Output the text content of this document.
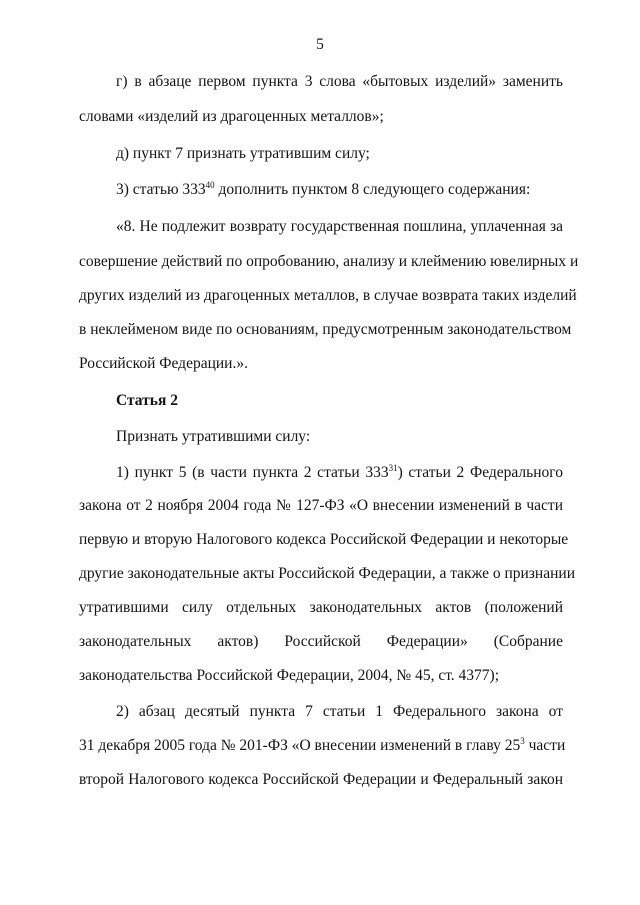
5
г) в абзаце первом пункта 3 слова «бытовых изделий» заменить
словами «изделий из драгоценных металлов»;
д) пункт 7 признать утратившим силу;
3) статью $333^{40}$ дополнить пунктом 8 следующего содержания:
«8. Не подлежит возврату государственная пошлина, уплаченная за
совершение действий по опробованию, анализу и клеймению ювелирных и
других изделий из драгоценных металлов, в случае возврата таких изделий
в неклейменом виде по основаниям, предусмотренным законодательством
Российской Федерации.».
Статья 2
Признать утратившими силу:
1) пункт 5 (в части пункта 2 статьи $333^{31}$) статьи 2 Федерального
закона от 2 ноября 2004 года № 127-ФЗ «О внесении изменений в части
первую и вторую Налогового кодекса Российской Федерации и некоторые
другие законодательные акты Российской Федерации, а также о признании
утратившими силу отдельных законодательных актов (положений
законодательных актов) Российской Федерации» (Собрание
законодательства Российской Федерации, 2004, № 45, ст. 4377);
2) абзац десятый пункта 7 статьи 1 Федерального закона от
31 декабря 2005 года № 201-ФЗ «О внесении изменений в главу $25^3$ части
второй Налогового кодекса Российской Федерации и Федеральный закон
